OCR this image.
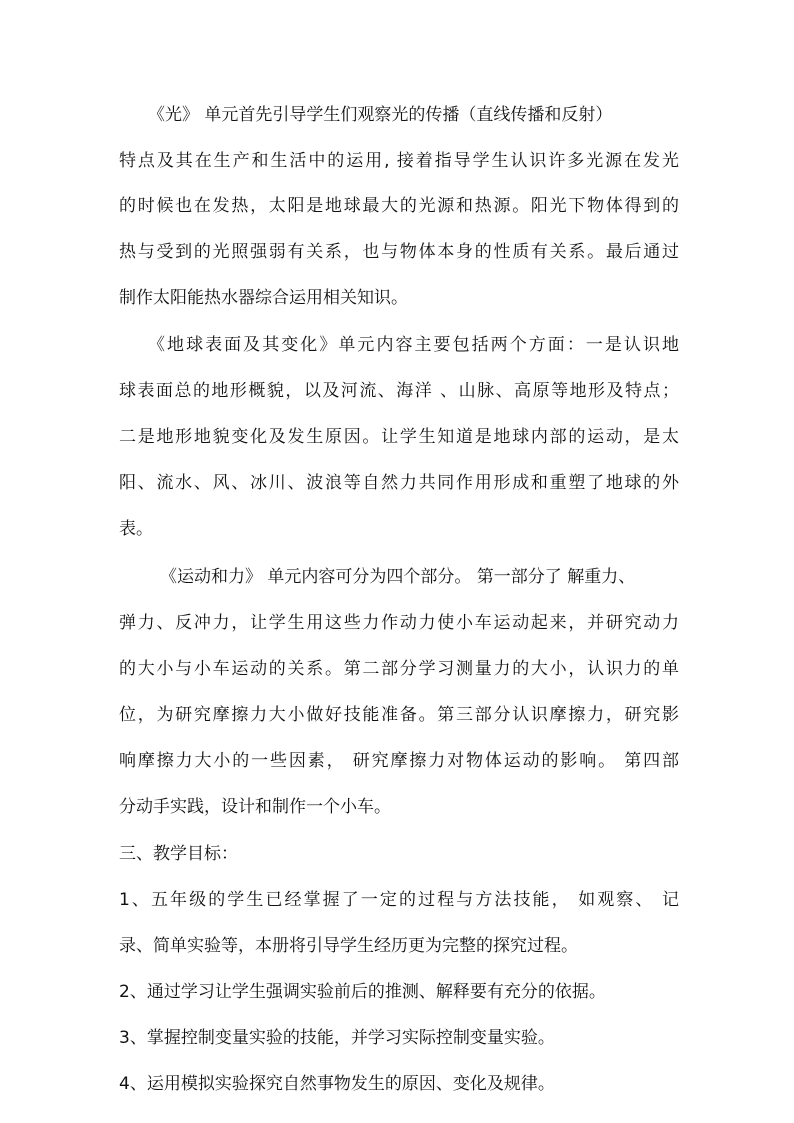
《光》 单元首先引导学生们观察光的传播（直线传播和反射）
特点及其在生产和生活中的运用, 接着指导学生认识许多光源在发光
的时候也在发热，太阳是地球最大的光源和热源。阳光下物体得到的
热与受到的光照强弱有关系，也与物体本身的性质有关系。最后通过
制作太阳能热水器综合运用相关知识。
《地球表面及其变化》单元内容主要包括两个方面：一是认识地
球表面总的地形概貌，以及河流、海洋 、山脉、高原等地形及特点；
二是地形地貌变化及发生原因。让学生知道是地球内部的运动，是太
阳、流水、风、冰川、波浪等自然力共同作用形成和重塑了地球的外
表。
《运动和力》 单元内容可分为四个部分。 第一部分了 解重力、
弹力、反冲力，让学生用这些力作动力使小车运动起来，并研究动力
的大小与小车运动的关系。第二部分学习测量力的大小，认识力的单
位，为研究摩擦力大小做好技能准备。第三部分认识摩擦力，研究影
响摩擦力大小的一些因素， 研究摩擦力对物体运动的影响。 第四部
分动手实践，设计和制作一个小车。
三、教学目标：
1、五年级的学生已经掌握了一定的过程与方法技能， 如观察、 记
录、简单实验等，本册将引导学生经历更为完整的探究过程。
2、通过学习让学生强调实验前后的推测、解释要有充分的依据。
3、掌握控制变量实验的技能，并学习实际控制变量实验。
4、运用模拟实验探究自然事物发生的原因、变化及规律。
